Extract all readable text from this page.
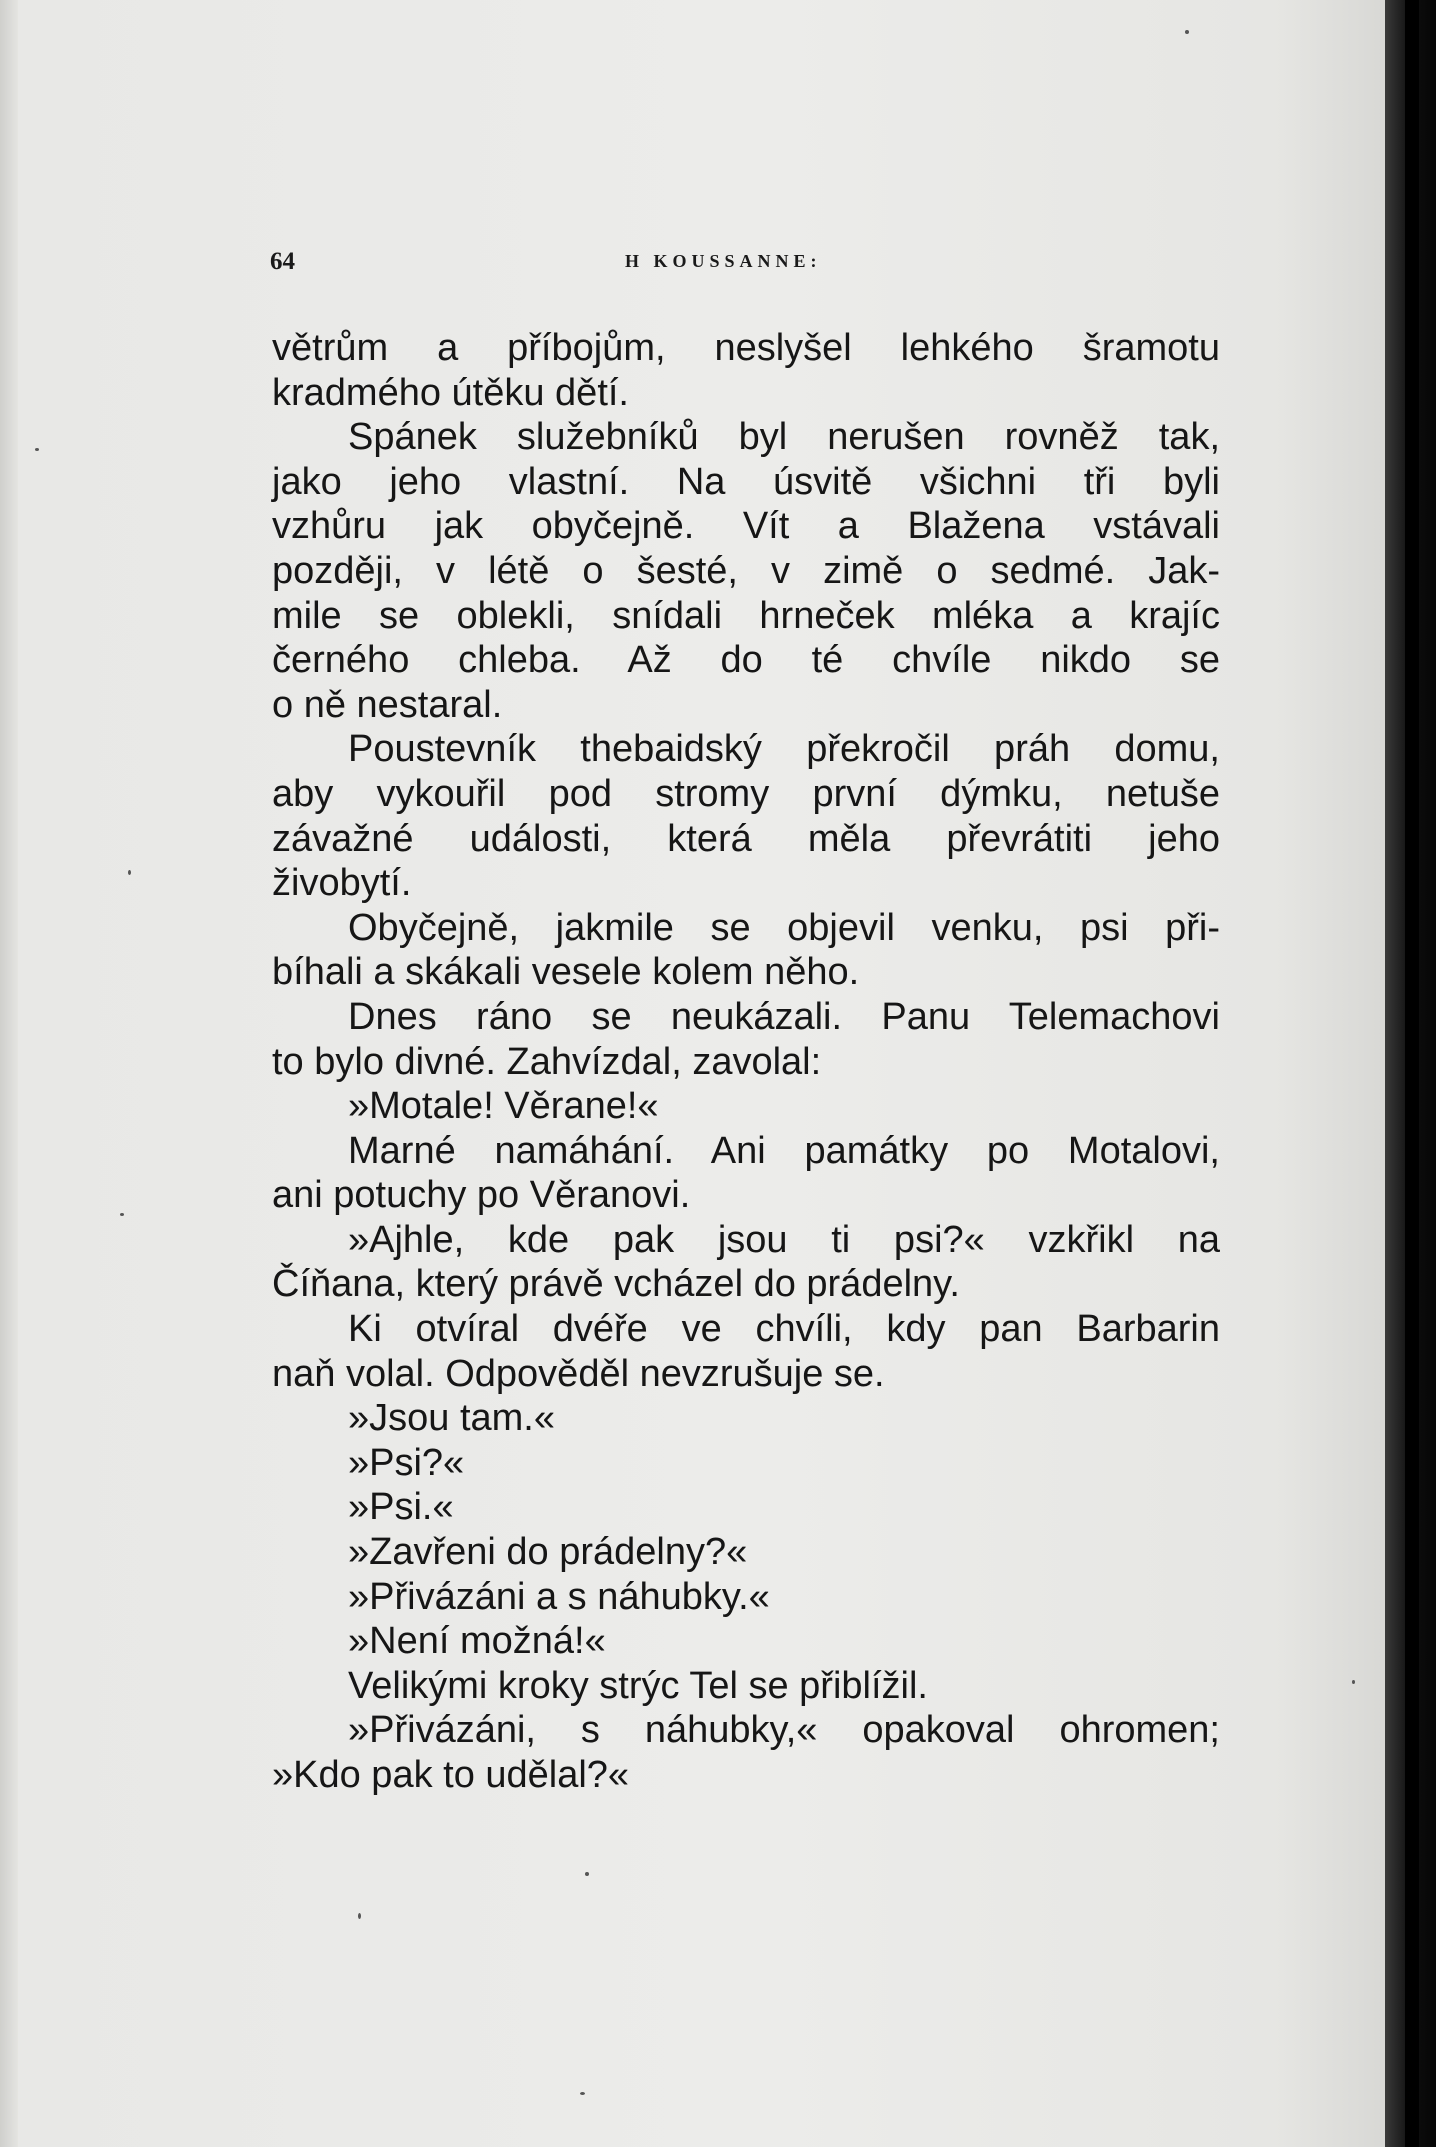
64	H KOUSSANNE:
větrům a příbojům, neslyšel lehkého šramotu
kradmého útěku dětí.
Spánek služebníků byl nerušen rovněž tak,
jako jeho vlastní. Na úsvitě všichni tři byli
vzhůru jak obyčejně. Vít a Blažena vstávali
později, v létě o šesté, v zimě o sedmé. Jak-
mile se oblekli, snídali hrneček mléka a krajíc
černého chleba. Až do té chvíle nikdo se
o ně nestaral.
Poustevník thebaidský překročil práh domu,
aby vykouřil pod stromy první dýmku, netuše
závažné události, která měla převrátiti jeho
živobytí.
Obyčejně, jakmile se objevil venku, psi při-
bíhali a skákali vesele kolem něho.
Dnes ráno se neukázali. Panu Telemachovi
to bylo divné. Zahvízdal, zavolal:
»Motale! Věrane!«
Marné namáhání. Ani památky po Motalovi,
ani potuchy po Věranovi.
»Ajhle, kde pak jsou ti psi?« vzkřikl na
Číňana, který právě vcházel do prádelny.
Ki otvíral dvéře ve chvíli, kdy pan Barbarin
naň volal. Odpověděl nevzrušuje se.
»Jsou tam.«
»Psi?«
»Psi.«
»Zavřeni do prádelny?«
»Přivázáni a s náhubky.«
»Není možná!«
Velikými kroky strýc Tel se přiblížil.
»Přivázáni, s náhubky,« opakoval ohromen;
»Kdo pak to udělal?«
